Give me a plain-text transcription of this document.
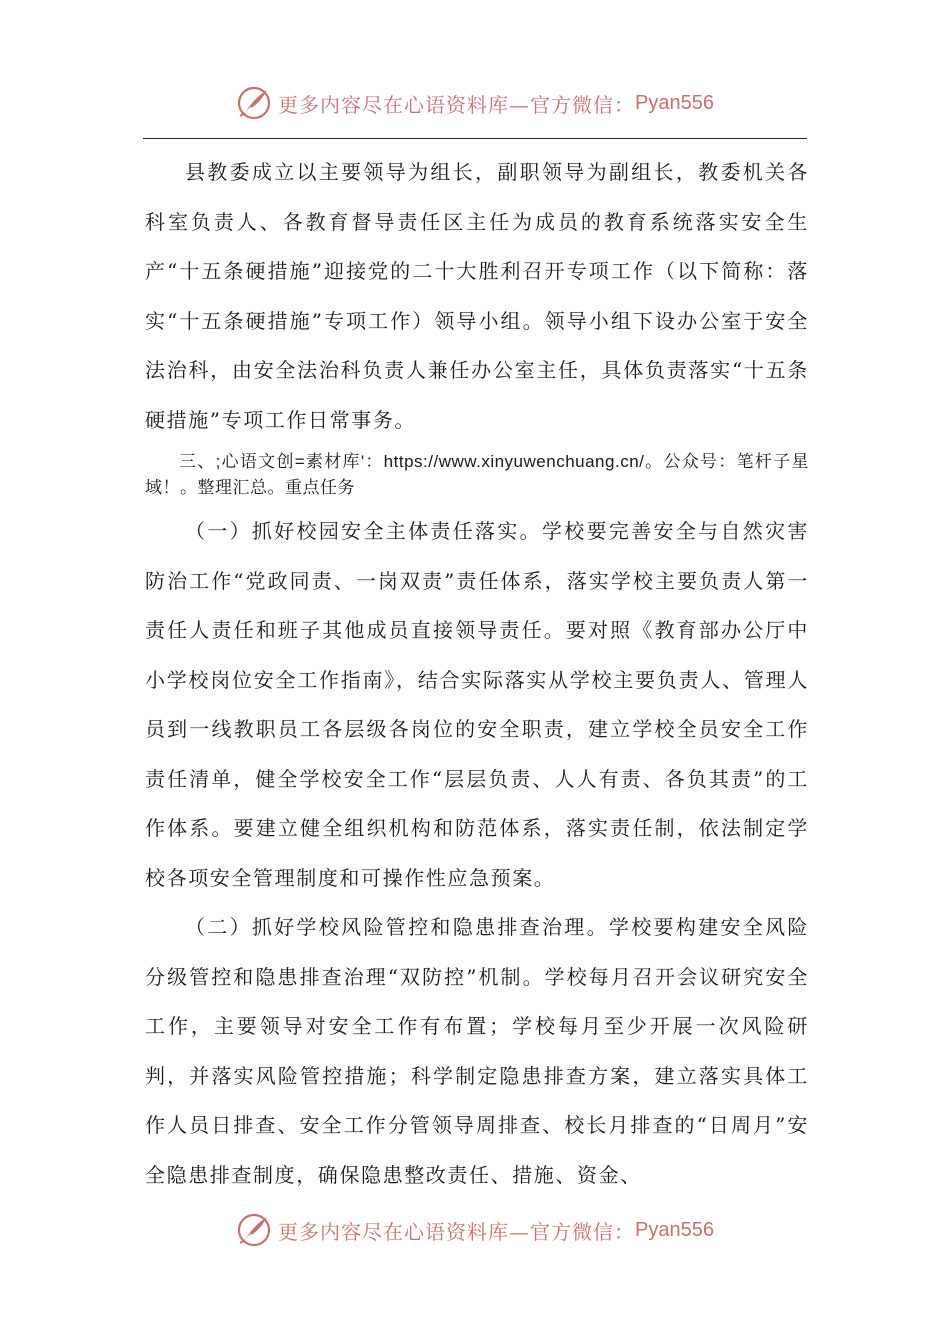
更多内容尽在心语资料库—官方微信： Pyan556

县教委成立以主要领导为组长，副职领导为副组长，教委机关各科室负责人、各教育督导责任区主任为成员的教育系统落实安全生产“十五条硬措施”迎接党的二十大胜利召开专项工作（以下简称：落实“十五条硬措施”专项工作）领导小组。领导小组下设办公室于安全法治科，由安全法治科负责人兼任办公室主任，具体负责落实“十五条硬措施”专项工作日常事务。

三、;心语文创=素材库'：https://www.xinyuwenchuang.cn/。公众号：笔杆子星域！。整理汇总。重点任务

（一）抓好校园安全主体责任落实。学校要完善安全与自然灾害防治工作“党政同责、一岗双责”责任体系，落实学校主要负责人第一责任人责任和班子其他成员直接领导责任。要对照《教育部办公厅中小学校岗位安全工作指南》，结合实际落实从学校主要负责人、管理人员到一线教职员工各层级各岗位的安全职责，建立学校全员安全工作责任清单，健全学校安全工作“层层负责、人人有责、各负其责”的工作体系。要建立健全组织机构和防范体系，落实责任制，依法制定学校各项安全管理制度和可操作性应急预案。

（二）抓好学校风险管控和隐患排查治理。学校要构建安全风险分级管控和隐患排查治理“双防控”机制。学校每月召开会议研究安全工作，主要领导对安全工作有布置；学校每月至少开展一次风险研判，并落实风险管控措施；科学制定隐患排查方案，建立落实具体工作人员日排查、安全工作分管领导周排查、校长月排查的“日周月”安全隐患排查制度，确保隐患整改责任、措施、资金、

更多内容尽在心语资料库—官方微信： Pyan556
